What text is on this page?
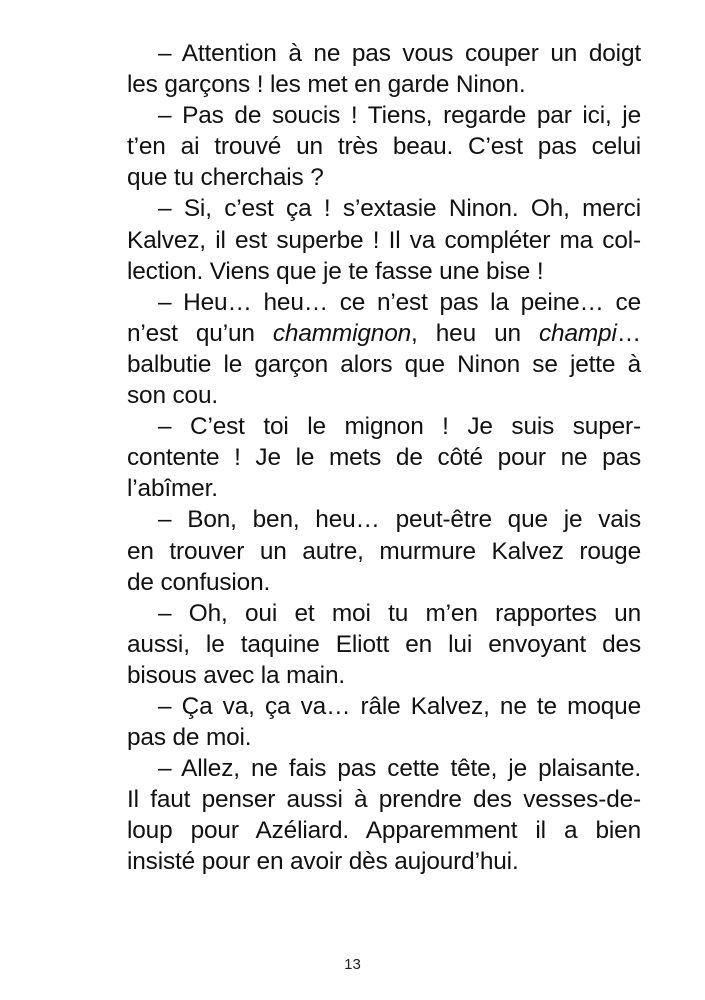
– Attention à ne pas vous couper un doigt
les garçons ! les met en garde Ninon.
– Pas de soucis ! Tiens, regarde par ici, je
t’en ai trouvé un très beau. C’est pas celui
que tu cherchais ?
– Si, c’est ça ! s’extasie Ninon. Oh, merci
Kalvez, il est superbe ! Il va compléter ma col-
lection. Viens que je te fasse une bise !
– Heu… heu… ce n’est pas la peine… ce
n’est qu’un chammignon, heu un champi…
balbutie le garçon alors que Ninon se jette à
son cou.
– C’est toi le mignon ! Je suis super-
contente ! Je le mets de côté pour ne pas
l’abîmer.
– Bon, ben, heu… peut-être que je vais
en trouver un autre, murmure Kalvez rouge
de confusion.
– Oh, oui et moi tu m’en rapportes un
aussi, le taquine Eliott en lui envoyant des
bisous avec la main.
– Ça va, ça va… râle Kalvez, ne te moque
pas de moi.
– Allez, ne fais pas cette tête, je plaisante.
Il faut penser aussi à prendre des vesses-de-
loup pour Azéliard. Apparemment il a bien
insisté pour en avoir dès aujourd’hui.
13
